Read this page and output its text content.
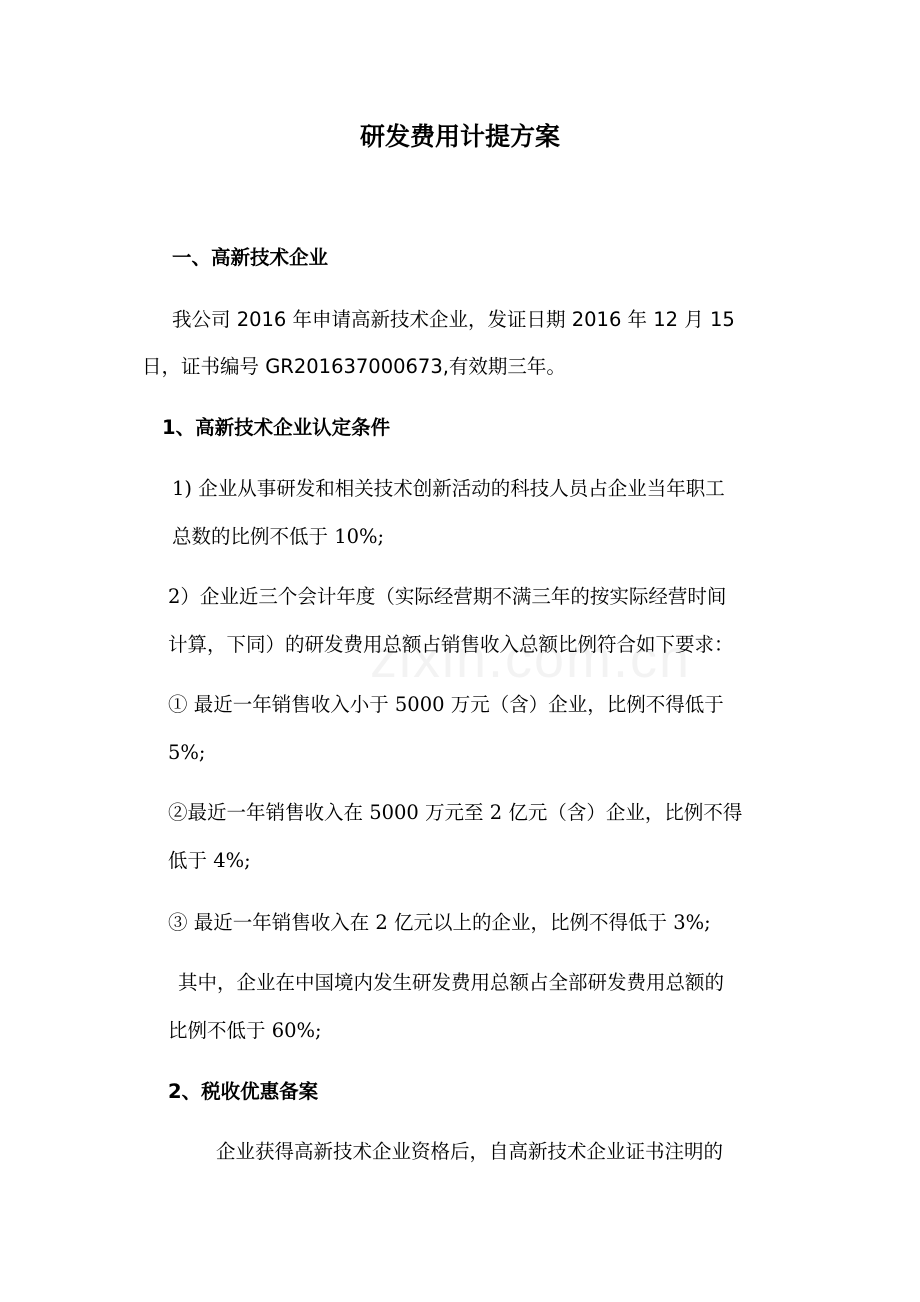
研发费用计提方案
一、高新技术企业
我公司 2016 年申请高新技术企业，发证日期 2016 年 12 月 15
日，证书编号 GR201637000673,有效期三年。
1、高新技术企业认定条件
1) 企业从事研发和相关技术创新活动的科技人员占企业当年职工
总数的比例不低于 10%;
2）企业近三个会计年度（实际经营期不满三年的按实际经营时间
计算，下同）的研发费用总额占销售收入总额比例符合如下要求：
① 最近一年销售收入小于 5000 万元（含）企业，比例不得低于
5%;
②最近一年销售收入在 5000 万元至 2 亿元（含）企业，比例不得
低于 4%;
③ 最近一年销售收入在 2 亿元以上的企业，比例不得低于 3%;
其中，企业在中国境内发生研发费用总额占全部研发费用总额的
比例不低于 60%;
2、税收优惠备案
企业获得高新技术企业资格后，自高新技术企业证书注明的
